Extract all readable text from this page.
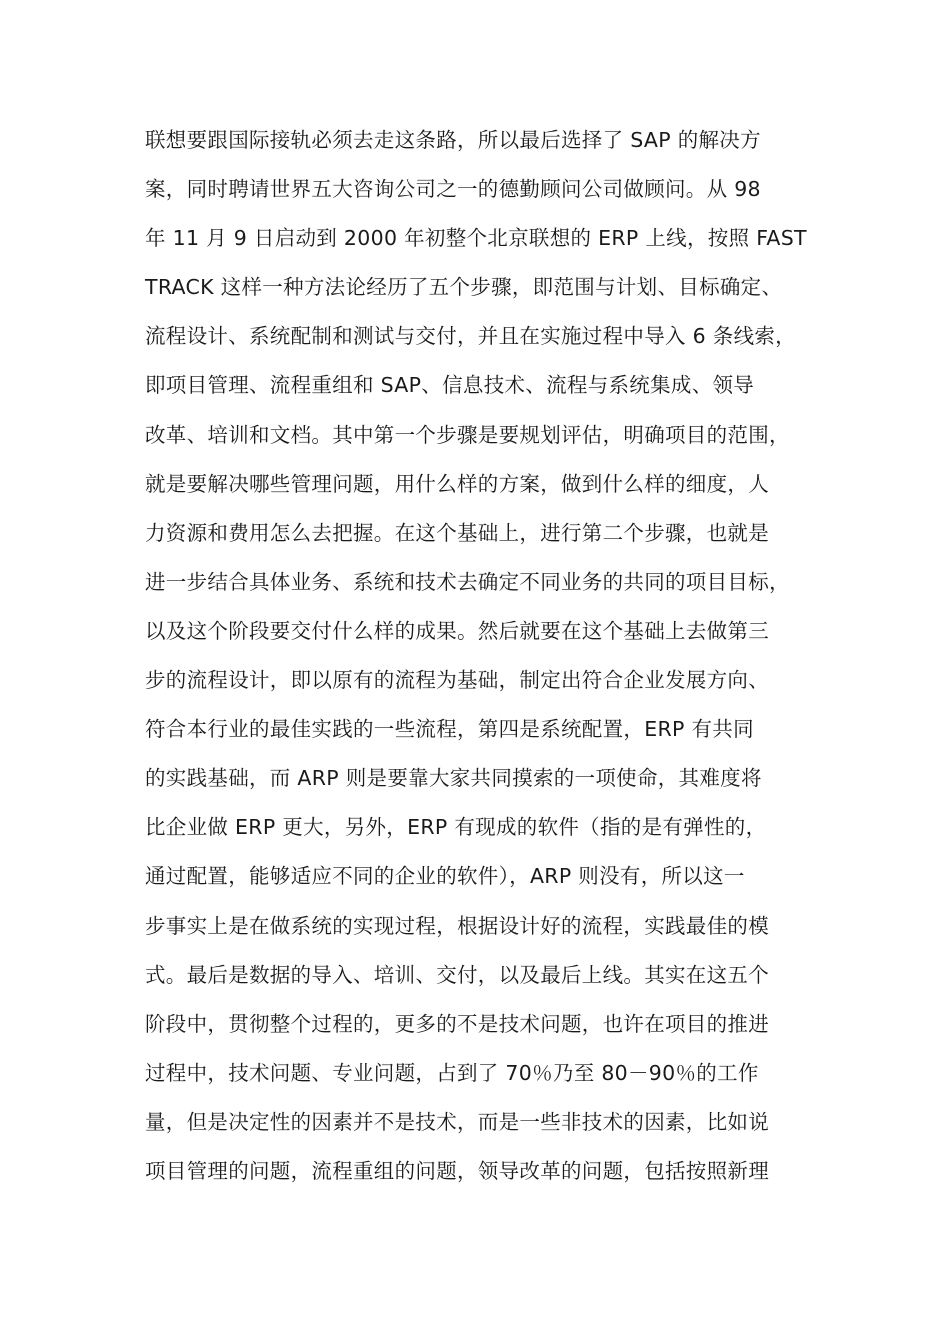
联想要跟国际接轨必须去走这条路，所以最后选择了 SAP 的解决方
案，同时聘请世界五大咨询公司之一的德勤顾问公司做顾问。从 98
年 11 月 9 日启动到 2000 年初整个北京联想的 ERP 上线，按照 FAST
TRACK 这样一种方法论经历了五个步骤，即范围与计划、目标确定、
流程设计、系统配制和测试与交付，并且在实施过程中导入 6 条线索，
即项目管理、流程重组和 SAP、信息技术、流程与系统集成、领导
改革、培训和文档。其中第一个步骤是要规划评估，明确项目的范围，
就是要解决哪些管理问题，用什么样的方案，做到什么样的细度，人
力资源和费用怎么去把握。在这个基础上，进行第二个步骤，也就是
进一步结合具体业务、系统和技术去确定不同业务的共同的项目目标，
以及这个阶段要交付什么样的成果。然后就要在这个基础上去做第三
步的流程设计，即以原有的流程为基础，制定出符合企业发展方向、
符合本行业的最佳实践的一些流程，第四是系统配置，ERP 有共同
的实践基础，而 ARP 则是要靠大家共同摸索的一项使命，其难度将
比企业做 ERP 更大，另外，ERP 有现成的软件（指的是有弹性的，
通过配置，能够适应不同的企业的软件），ARP 则没有，所以这一
步事实上是在做系统的实现过程，根据设计好的流程，实践最佳的模
式。最后是数据的导入、培训、交付，以及最后上线。其实在这五个
阶段中，贯彻整个过程的，更多的不是技术问题，也许在项目的推进
过程中，技术问题、专业问题，占到了 70％乃至 80－90％的工作
量，但是决定性的因素并不是技术，而是一些非技术的因素，比如说
项目管理的问题，流程重组的问题，领导改革的问题，包括按照新理
